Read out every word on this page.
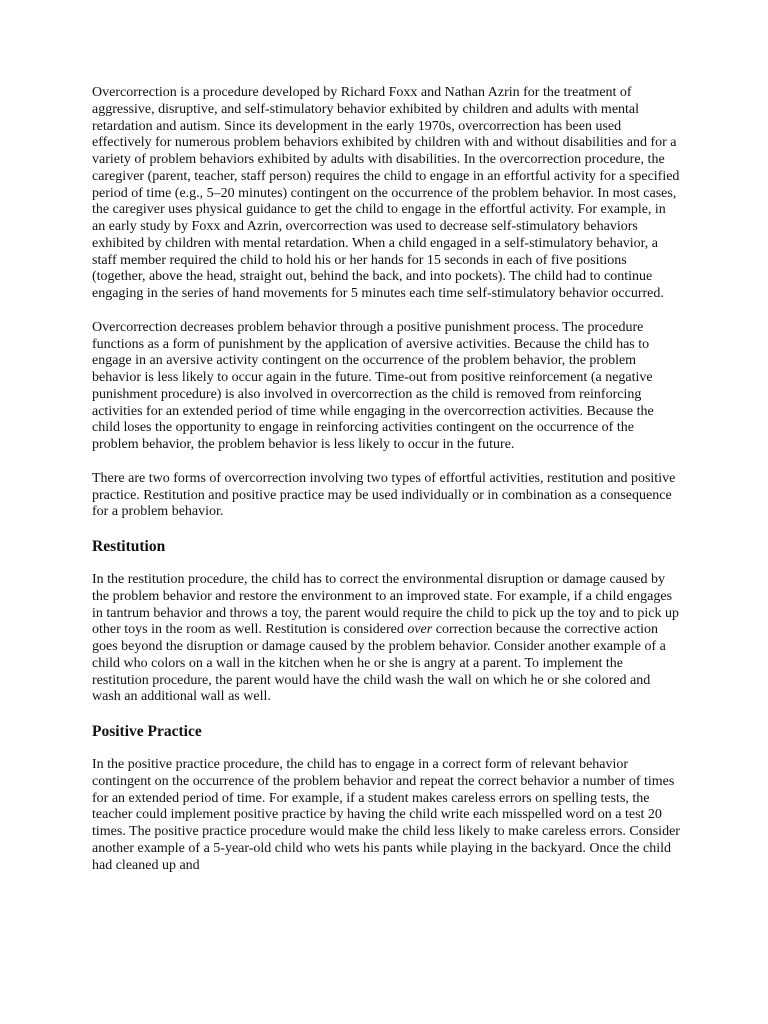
Overcorrection is a procedure developed by Richard Foxx and Nathan Azrin for the treatment of aggressive, disruptive, and self-stimulatory behavior exhibited by children and adults with mental retardation and autism. Since its development in the early 1970s, overcorrection has been used effectively for numerous problem behaviors exhibited by children with and without disabilities and for a variety of problem behaviors exhibited by adults with disabilities. In the overcorrection procedure, the caregiver (parent, teacher, staff person) requires the child to engage in an effortful activity for a specified period of time (e.g., 5–20 minutes) contingent on the occurrence of the problem behavior. In most cases, the caregiver uses physical guidance to get the child to engage in the effortful activity. For example, in an early study by Foxx and Azrin, overcorrection was used to decrease self-stimulatory behaviors exhibited by children with mental retardation. When a child engaged in a self-stimulatory behavior, a staff member required the child to hold his or her hands for 15 seconds in each of five positions (together, above the head, straight out, behind the back, and into pockets). The child had to continue engaging in the series of hand movements for 5 minutes each time self-stimulatory behavior occurred.

Overcorrection decreases problem behavior through a positive punishment process. The procedure functions as a form of punishment by the application of aversive activities. Because the child has to engage in an aversive activity contingent on the occurrence of the problem behavior, the problem behavior is less likely to occur again in the future. Time-out from positive reinforcement (a negative punishment procedure) is also involved in overcorrection as the child is removed from reinforcing activities for an extended period of time while engaging in the overcorrection activities. Because the child loses the opportunity to engage in reinforcing activities contingent on the occurrence of the problem behavior, the problem behavior is less likely to occur in the future.

There are two forms of overcorrection involving two types of effortful activities, restitution and positive practice. Restitution and positive practice may be used individually or in combination as a consequence for a problem behavior.

Restitution

In the restitution procedure, the child has to correct the environmental disruption or damage caused by the problem behavior and restore the environment to an improved state. For example, if a child engages in tantrum behavior and throws a toy, the parent would require the child to pick up the toy and to pick up other toys in the room as well. Restitution is considered over correction because the corrective action goes beyond the disruption or damage caused by the problem behavior. Consider another example of a child who colors on a wall in the kitchen when he or she is angry at a parent. To implement the restitution procedure, the parent would have the child wash the wall on which he or she colored and wash an additional wall as well.

Positive Practice

In the positive practice procedure, the child has to engage in a correct form of relevant behavior contingent on the occurrence of the problem behavior and repeat the correct behavior a number of times for an extended period of time. For example, if a student makes careless errors on spelling tests, the teacher could implement positive practice by having the child write each misspelled word on a test 20 times. The positive practice procedure would make the child less likely to make careless errors. Consider another example of a 5-year-old child who wets his pants while playing in the backyard. Once the child had cleaned up and
